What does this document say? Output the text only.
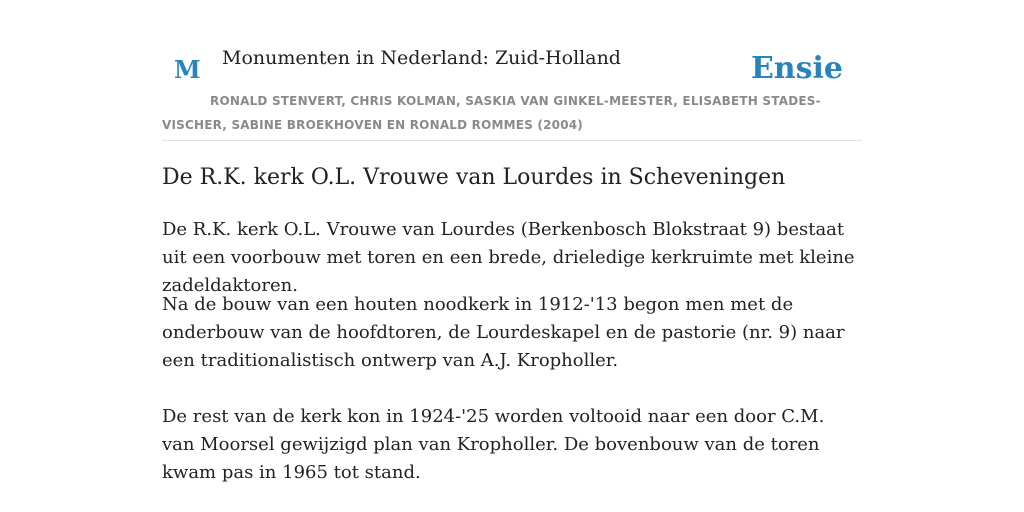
M Monumenten in Nederland: Zuid-Holland	Ensie
RONALD STENVERT, CHRIS KOLMAN, SASKIA VAN GINKEL-MEESTER, ELISABETH STADES-VISCHER, SABINE BROEKHOVEN EN RONALD ROMMES (2004)
De R.K. kerk O.L. Vrouwe van Lourdes in Scheveningen

De R.K. kerk O.L. Vrouwe van Lourdes (Berkenbosch Blokstraat 9) bestaat uit een voorbouw met toren en een brede, drieledige kerkruimte met kleine zadeldaktoren.

Na de bouw van een houten noodkerk in 1912-'13 begon men met de onderbouw van de hoofdtoren, de Lourdeskapel en de pastorie (nr. 9) naar een traditionalistisch ontwerp van A.J. Kropholler.

De rest van de kerk kon in 1924-'25 worden voltooid naar een door C.M. van Moorsel gewijzigd plan van Kropholler. De bovenbouw van de toren kwam pas in 1965 tot stand.
